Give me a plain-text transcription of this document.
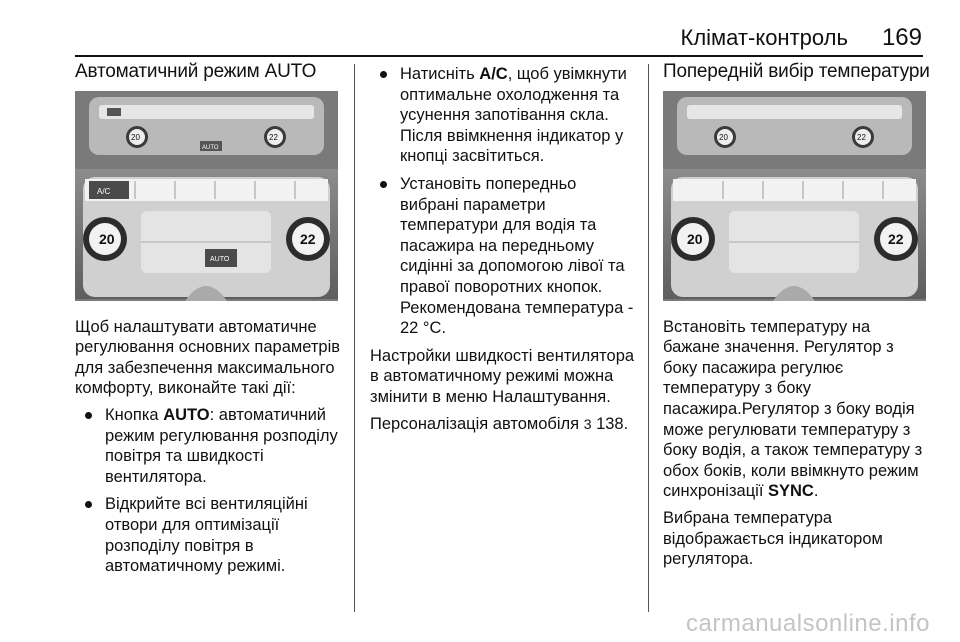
Клімат-контроль 169
Автоматичний режим AUTO
20	22
AUTO
20	22
A/C
AUTO

Щоб налаштувати автоматичне регулювання основних параметрів для забезпечення максимального комфорту, виконайте такі дії:

Кнопка AUTO: автоматичний режим регулювання розподілу повітря та швидкості вентилятора.
Відкрийте всі вентиляційні отвори для оптимізації розподілу повітря в автоматичному режимі.
Натисніть A/C, щоб увімкнути оптимальне охолодження та усунення запотівання скла. Після ввімкнення індикатор у кнопці засвітиться.
Установіть попередньо вибрані параметри температури для водія та пасажира на передньому сидінні за допомогою лівої та правої поворотних кнопок. Рекомендована температура - 22 °C.

Настройки швидкості вентилятора в автоматичному режимі можна змінити в меню Налаштування.

Персоналізація автомобіля 3 138.

Попередній вибір температури
20	22
20	22

Встановіть температуру на бажане значення. Регулятор з боку пасажира регулює температуру з боку пасажира.Регулятор з боку водія може регулювати температуру з боку водія, а також температуру з обох боків, коли ввімкнуто режим синхронізації SYNC.

Вибрана температура відображається індикатором регулятора.

carmanualsonline.info
